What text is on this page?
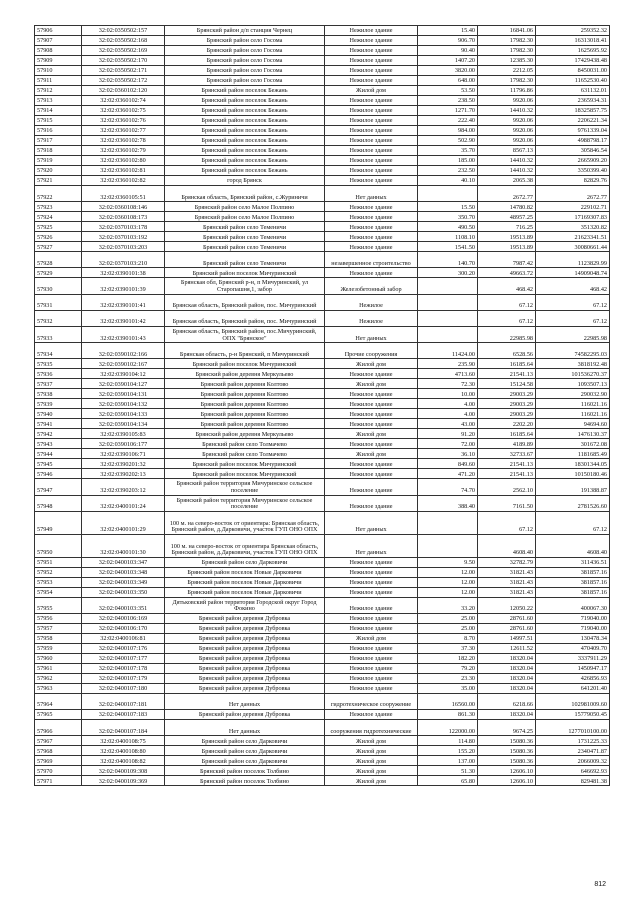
57906	32:02:0350502:157	Брянский район д/п станция Чернец	Нежилое здание	15.40	16841.06	259352.32
57907	32:02:0350502:168	Брянский район село Госома	Нежилое здание	906.70	17982.30	16313018.41
57908	32:02:0350502:169	Брянский район село Госома	Нежилое здание	90.40	17982.30	1625695.92
57909	32:02:0350502:170	Брянский район село Госома	Нежилое здание	1407.20	12385.30	17429438.48
57910	32:02:0350502:171	Брянский район село Госома	Нежилое здание	3820.00	2212.05	8450031.00
57911	32:02:0350502:172	Брянский район село Госома	Нежилое здание	648.00	17982.30	11652530.40
57912	32:02:0360102:120	Брянский район поселок Бежань	Жилой дом	53.50	11796.86	631132.01
57913	32:02:0360102:74	Брянский район поселок Бежань	Нежилое здание	238.50	9920.06	2365934.31
57914	32:02:0360102:75	Брянский район поселок Бежань	Нежилое здание	1271.70	14410.32	18325857.75
57915	32:02:0360102:76	Брянский район поселок Бежань	Нежилое здание	222.40	9920.06	2206221.34
57916	32:02:0360102:77	Брянский район поселок Бежань	Нежилое здание	984.00	9920.06	9761339.04
57917	32:02:0360102:78	Брянский район поселок Бежань	Нежилое здание	502.90	9920.06	4988798.17
57918	32:02:0360102:79	Брянский район поселок Бежань	Нежилое здание	35.70	8567.13	305846.54
57919	32:02:0360102:80	Брянский район поселок Бежань	Нежилое здание	185.00	14410.32	2665909.20
57920	32:02:0360102:81	Брянский район поселок Бежань	Нежилое здание	232.50	14410.32	3350399.40
57921	32:02:0360102:82	город Брянск	Нежилое здание	40.10	2065.38	82829.76
57922	32:02:0360105:51	Брянская область, Брянский район, с.Журиничи	Нет данных		2672.77	2672.77
57923	32:02:0360108:146	Брянский район село Малое Полпино	Нежилое здание	15.50	14780.82	229102.71
57924	32:02:0360108:173	Брянский район село Малое Полпино	Нежилое здание	350.70	48957.25	17169307.83
57925	32:02:0370103:178	Брянский район село Теменичи	Нежилое здание	490.50	716.25	351320.82
57926	32:02:0370103:192	Брянский район село Теменичи	Нежилое здание	1108.10	19513.89	21623341.51
57927	32:02:0370103:203	Брянский район село Теменичи	Нежилое здание	1541.50	19513.89	30080661.44
57928	32:02:0370103:210	Брянский район село Теменичи	незавершенное строительство	140.70	7987.42	1123829.99
57929	32:02:0390101:38	Брянский район поселок Мичуринский	Нежилое здание	300.20	49663.72	14909048.74
57930	32:02:0390101:39	Брянская обл, Брянский р-н, п Мичуринский, ул Старопашня,1, забор	Железобетонный забор		468.42	468.42
57931	32:02:0390101:41	Брянская область, Брянский район, пос. Мичуринский	Нежилое		67.12	67.12
57932	32:02:0390101:42	Брянская область, Брянский район, пос. Мичуринский	Нежилое		67.12	67.12
57933	32:02:0390101:43	Брянская область, Брянский район, пос.Мичуринский, ОПХ "Брянское"	Нет данных		22985.98	22985.98
57934	32:02:0390102:166	Брянская область, р-н Брянский, п Мичуринский	Прочие сооружения	11424.00	6528.56	74582295.03
57935	32:02:0390102:167	Брянский район поселок Мичуринский	Жилой дом	235.90	16185.64	3818192.48
57936	32:02:0390104:12	Брянский район деревня Меркульево	Нежилое здание	4713.60	21541.13	101536270.37
57937	32:02:0390104:127	Брянский район деревня Колтово	Жилой дом	72.30	15124.58	1093507.13
57938	32:02:0390104:131	Брянский район деревня Колтово	Нежилое здание	10.00	29003.29	290032.90
57939	32:02:0390104:132	Брянский район деревня Колтово	Нежилое здание	4.00	29003.29	116021.16
57940	32:02:0390104:133	Брянский район деревня Колтово	Нежилое здание	4.00	29003.29	116021.16
57941	32:02:0390104:134	Брянский район деревня Колтово	Нежилое здание	43.00	2202.20	94694.60
57942	32:02:0390105:83	Брянский район деревня Меркульево	Жилой дом	91.20	16185.64	1476130.37
57943	32:02:0390106:177	Брянский район село Толмачево	Нежилое здание	72.00	4189.89	301672.08
57944	32:02:0390106:71	Брянский район село Толмачево	Жилой дом	36.10	32733.67	1181685.49
57945	32:02:0390201:32	Брянский район поселок Мичуринский	Нежилое здание	849.60	21541.13	18301344.05
57946	32:02:0390202:13	Брянский район поселок Мичуринский	Нежилое здание	471.20	21541.13	10150180.46
57947	32:02:0390203:12	Брянский район территория Мичуринское сельское поселение	Нежилое здание	74.70	2562.10	191388.87
57948	32:02:0400101:24	Брянский район территория Мичуринское сельское поселение	Нежилое здание	388.40	7161.50	2781526.60
57949	32:02:0400101:29	100 м. на северо-восток от ориентира: Брянская область, Брянский район, д.Дарковичи, участок ГУП ОНО ОПХ	Нет данных		67.12	67.12
57950	32:02:0400101:30	100 м. на северо-восток от ориентира Брянская область, Брянский район, д.Дарковичи, участок ГУП ОНО ОПХ	Нет данных		4608.40	4608.40
57951	32:02:0400103:347	Брянский район село Дарковичи	Нежилое здание	9.50	32782.79	311436.51
57952	32:02:0400103:348	Брянский район поселок Новые Дарковичи	Нежилое здание	12.00	31821.43	381857.16
57953	32:02:0400103:349	Брянский район поселок Новые Дарковичи	Нежилое здание	12.00	31821.43	381857.16
57954	32:02:0400103:350	Брянский район поселок Новые Дарковичи	Нежилое здание	12.00	31821.43	381857.16
57955	32:02:0400103:351	Дятьковский район территория Городской округ Город Фокино	Нежилое здание	33.20	12050.22	400067.30
57956	32:02:0400106:169	Брянский район деревня Дубровка	Нежилое здание	25.00	28761.60	719040.00
57957	32:02:0400106:170	Брянский район деревня Дубровка	Нежилое здание	25.00	28761.60	719040.00
57958	32:02:0400106:81	Брянский район деревня Дубровка	Жилой дом	8.70	14997.51	130478.34
57959	32:02:0400107:176	Брянский район деревня Дубровка	Нежилое здание	37.30	12611.52	470409.70
57960	32:02:0400107:177	Брянский район деревня Дубровка	Нежилое здание	182.20	18320.04	3337911.29
57961	32:02:0400107:178	Брянский район деревня Дубровка	Нежилое здание	79.20	18320.04	1450947.17
57962	32:02:0400107:179	Брянский район деревня Дубровка	Нежилое здание	23.30	18320.04	426856.93
57963	32:02:0400107:180	Брянский район деревня Дубровка	Нежилое здание	35.00	18320.04	641201.40
57964	32:02:0400107:181	Нет данных	гидротехническое сооружение	16560.00	6218.66	102981009.60
57965	32:02:0400107:183	Брянский район деревня Дубровка	Нежилое здание	861.30	18320.04	15779050.45
57966	32:02:0400107:184	Нет данных	сооружения гидротехнические	122000.00	9674.25	1277010100.00
57967	32:02:0400108:75	Брянский район село Дарковичи	Жилой дом	114.80	15080.36	1731225.33
57968	32:02:0400108:80	Брянский район село Дарковичи	Жилой дом	155.20	15080.36	2340471.87
57969	32:02:0400108:82	Брянский район село Дарковичи	Жилой дом	137.00	15080.36	2066009.32
57970	32:02:0400109:308	Брянский район поселок Толбино	Жилой дом	51.30	12606.10	646692.93
57971	32:02:0400109:369	Брянский район поселок Толбино	Жилой дом	65.80	12606.10	829481.38
812
